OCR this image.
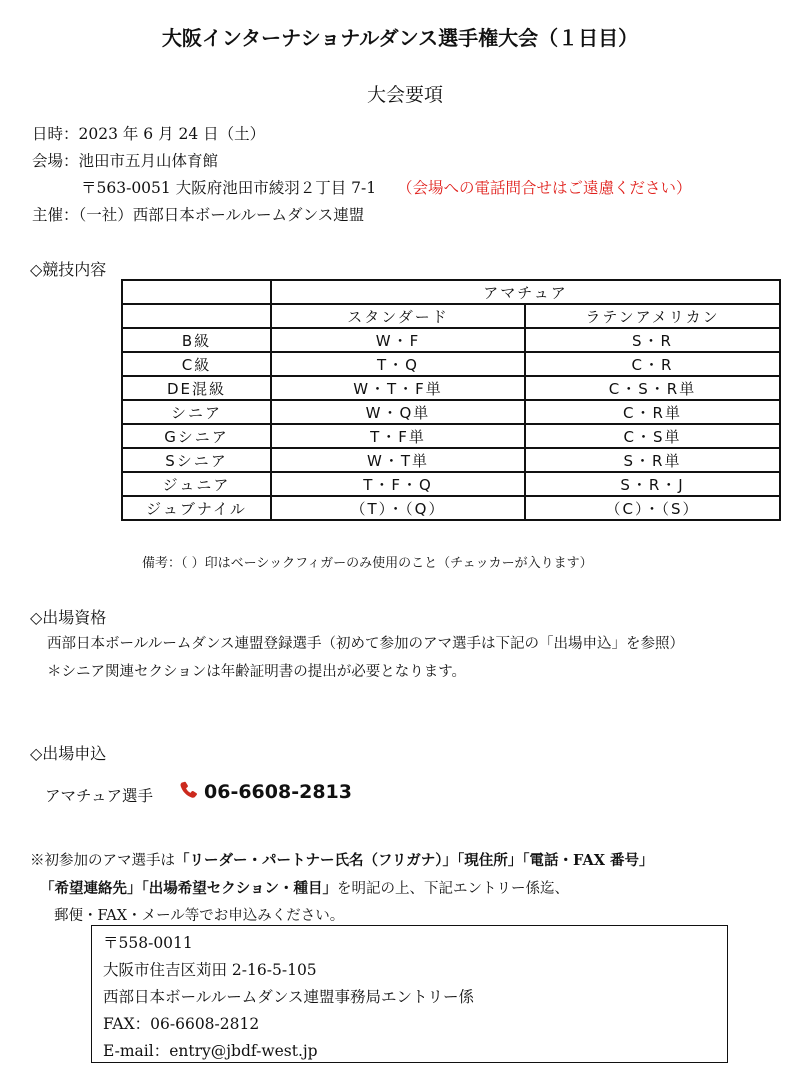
大阪インターナショナルダンス選手権大会（１日目）
大会要項
日時：2023 年 6 月 24 日（土）
会場：池田市五月山体育館
〒563-0051 大阪府池田市綾羽２丁目 7-1 （会場への電話問合せはご遠慮ください）
主催：（一社）西部日本ボールルームダンス連盟
◇競技内容
	アマチュア	
	スタンダード	ラテンアメリカン
B級	W・F	S・R
C級	T・Q	C・R
DE混級	W・T・F単	C・S・R単
シニア	W・Q単	C・R単
Gシニア	T・F単	C・S単
Sシニア	W・T単	S・R単
ジュニア	T・F・Q	S・R・J
ジュブナイル	（T）・（Q）	（C）・（S）
備考：（ ）印はベーシックフィガーのみ使用のこと（チェッカーが入ります）
◇出場資格
西部日本ボールルームダンス連盟登録選手（初めて参加のアマ選手は下記の「出場申込」を参照）
＊シニア関連セクションは年齢証明書の提出が必要となります。
◇出場申込
アマチュア選手	06-6608-2813
※初参加のアマ選手は「リーダー・パートナー氏名（フリガナ）」「現住所」「電話・FAX 番号」
「希望連絡先」「出場希望セクション・種目」を明記の上、下記エントリー係迄、
郵便・FAX・メール等でお申込みください。
〒558-0011
大阪市住吉区苅田 2-16-5-105
西部日本ボールルームダンス連盟事務局エントリー係
FAX：06-6608-2812
E-mail：entry@jbdf-west.jp
